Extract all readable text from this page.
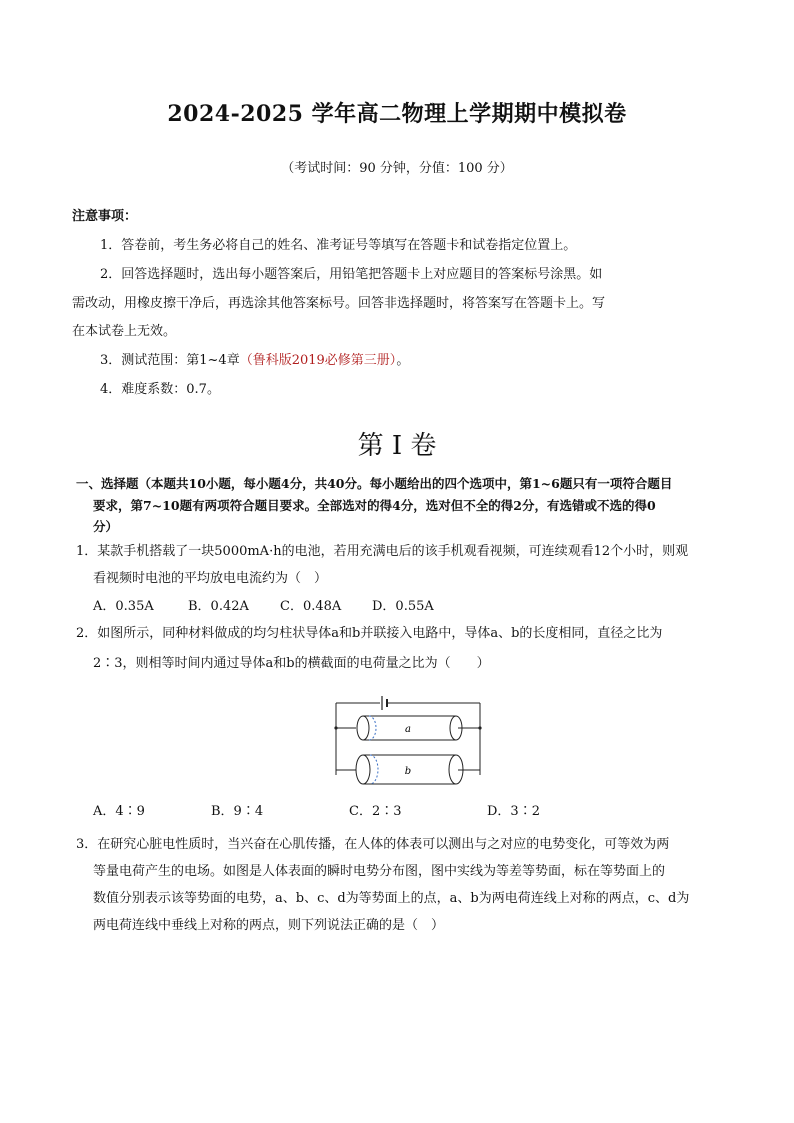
2024-2025 学年高二物理上学期期中模拟卷
（考试时间：90 分钟，分值：100 分）
注意事项：
1．答卷前，考生务必将自己的姓名、准考证号等填写在答题卡和试卷指定位置上。
2．回答选择题时，选出每小题答案后，用铅笔把答题卡上对应题目的答案标号涂黑。如
需改动，用橡皮擦干净后，再选涂其他答案标号。回答非选择题时，将答案写在答题卡上。写
在本试卷上无效。
3．测试范围：第1~4章（鲁科版2019必修第三册）。
4．难度系数：0.7。
第 I 卷
一、选择题（本题共10小题，每小题4分，共40分。每小题给出的四个选项中，第1~6题只有一项符合题目
要求，第7~10题有两项符合题目要求。全部选对的得4分，选对但不全的得2分，有选错或不选的得0
分）
1．某款手机搭载了一块5000mA·h的电池，若用充满电后的该手机观看视频，可连续观看12个小时，则观
看视频时电池的平均放电电流约为（　）
A．0.35A	B．0.42A C．0.48A D．0.55A
2．如图所示，同种材料做成的均匀柱状导体a和b并联接入电路中，导体a、b的长度相同，直径之比为
2∶3，则相等时间内通过导体a和b的横截面的电荷量之比为（　　）
a
b
A．4∶9	B．9∶4	C．2∶3	D．3∶2
3．在研究心脏电性质时，当兴奋在心肌传播，在人体的体表可以测出与之对应的电势变化，可等效为两
等量电荷产生的电场。如图是人体表面的瞬时电势分布图，图中实线为等差等势面，标在等势面上的
数值分别表示该等势面的电势，a、b、c、d为等势面上的点，a、b为两电荷连线上对称的两点，c、d为
两电荷连线中垂线上对称的两点，则下列说法正确的是（　）
